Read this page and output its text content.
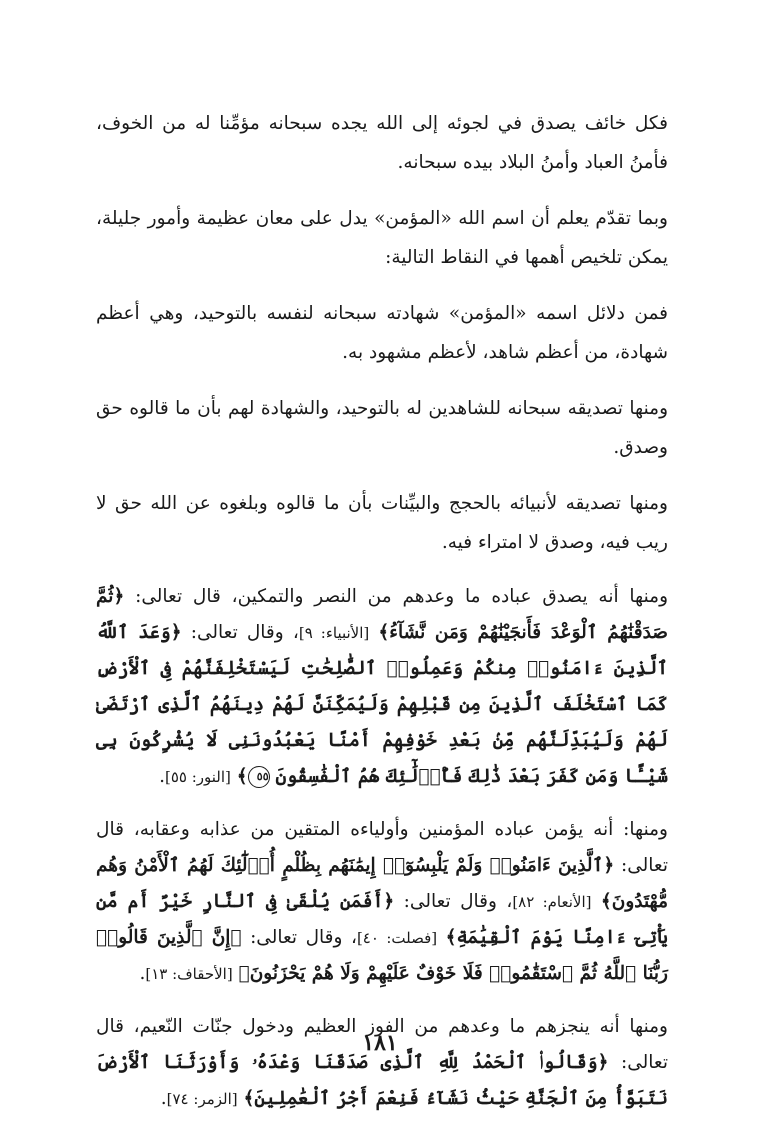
فكل خائف يصدق في لجوئه إلى الله يجده سبحانه مؤمِّنا له من الخوف، فأمنُ العباد وأمنُ البلاد بيده سبحانه.

وبما تقدّم يعلم أن اسم الله «المؤمن» يدل على معان عظيمة وأمور جليلة، يمكن تلخيص أهمها في النقاط التالية:

فمن دلائل اسمه «المؤمن» شهادته سبحانه لنفسه بالتوحيد، وهي أعظم شهادة، من أعظم شاهد، لأعظم مشهود به.

ومنها تصديقه سبحانه للشاهدين له بالتوحيد، والشهادة لهم بأن ما قالوه حق وصدق.

ومنها تصديقه لأنبيائه بالحجج والبيِّنات بأن ما قالوه وبلغوه عن الله حق لا ريب فيه، وصدق لا امتراء فيه.

ومنها أنه يصدق عباده ما وعدهم من النصر والتمكين، قال تعالى: ﴿ثُمَّ صَدَقْنَٰهُمُ ٱلْوَعْدَ فَأَنجَيْنَٰهُمْ وَمَن نَّشَآءُ﴾ [الأنبياء: ٩]، وقال تعالى: ﴿وَعَدَ ٱللَّهُ ٱلَّذِينَ ءَامَنُوا۟ مِنكُمْ وَعَمِلُوا۟ ٱلصَّٰلِحَٰتِ لَيَسْتَخْلِفَنَّهُمْ فِى ٱلْأَرْضِ كَمَا ٱسْتَخْلَفَ ٱلَّذِينَ مِن قَبْلِهِمْ وَلَيُمَكِّنَنَّ لَهُمْ دِينَهُمُ ٱلَّذِى ٱرْتَضَىٰ لَهُمْ وَلَيُبَدِّلَنَّهُم مِّنۢ بَعْدِ خَوْفِهِمْ أَمْنًا يَعْبُدُونَنِى لَا يُشْرِكُونَ بِى شَيْـًٔا وَمَن كَفَرَ بَعْدَ ذَٰلِكَ فَأُو۟لَٰٓئِكَ هُمُ ٱلْفَٰسِقُونَ ٥٥﴾ [النور: ٥٥].

ومنها: أنه يؤمن عباده المؤمنين وأولياءه المتقين من عذابه وعقابه، قال تعالى: ﴿ٱلَّذِينَ ءَامَنُوا۟ وَلَمْ يَلْبِسُوٓا۟ إِيمَٰنَهُم بِظُلْمٍ أُو۟لَٰٓئِكَ لَهُمُ ٱلْأَمْنُ وَهُم مُّهْتَدُونَ﴾ [الأنعام: ٨٢]، وقال تعالى: ﴿أَفَمَن يُلْقَىٰ فِى ٱلنَّارِ خَيْرٌ أَم مَّن يَأْتِىٓ ءَامِنًا يَوْمَ ٱلْقِيَٰمَةِ﴾ [فصلت: ٤٠]، وقال تعالى: ﴿إِنَّ ٱلَّذِينَ قَالُوا۟ رَبُّنَا ٱللَّهُ ثُمَّ ٱسْتَقَٰمُوا۟ فَلَا خَوْفٌ عَلَيْهِمْ وَلَا هُمْ يَحْزَنُونَ﴾ [الأحقاف: ١٣].

ومنها أنه ينجزهم ما وعدهم من الفوز العظيم ودخول جنّات النّعيم، قال تعالى: ﴿وَقَالُوا۟ ٱلْحَمْدُ لِلَّهِ ٱلَّذِى صَدَقَنَا وَعْدَهُۥ وَأَوْرَثَنَا ٱلْأَرْضَ نَتَبَوَّأُ مِنَ ٱلْجَنَّةِ حَيْثُ نَشَآءُ فَنِعْمَ أَجْرُ ٱلْعَٰمِلِينَ﴾ [الزمر: ٧٤].

١٨١
